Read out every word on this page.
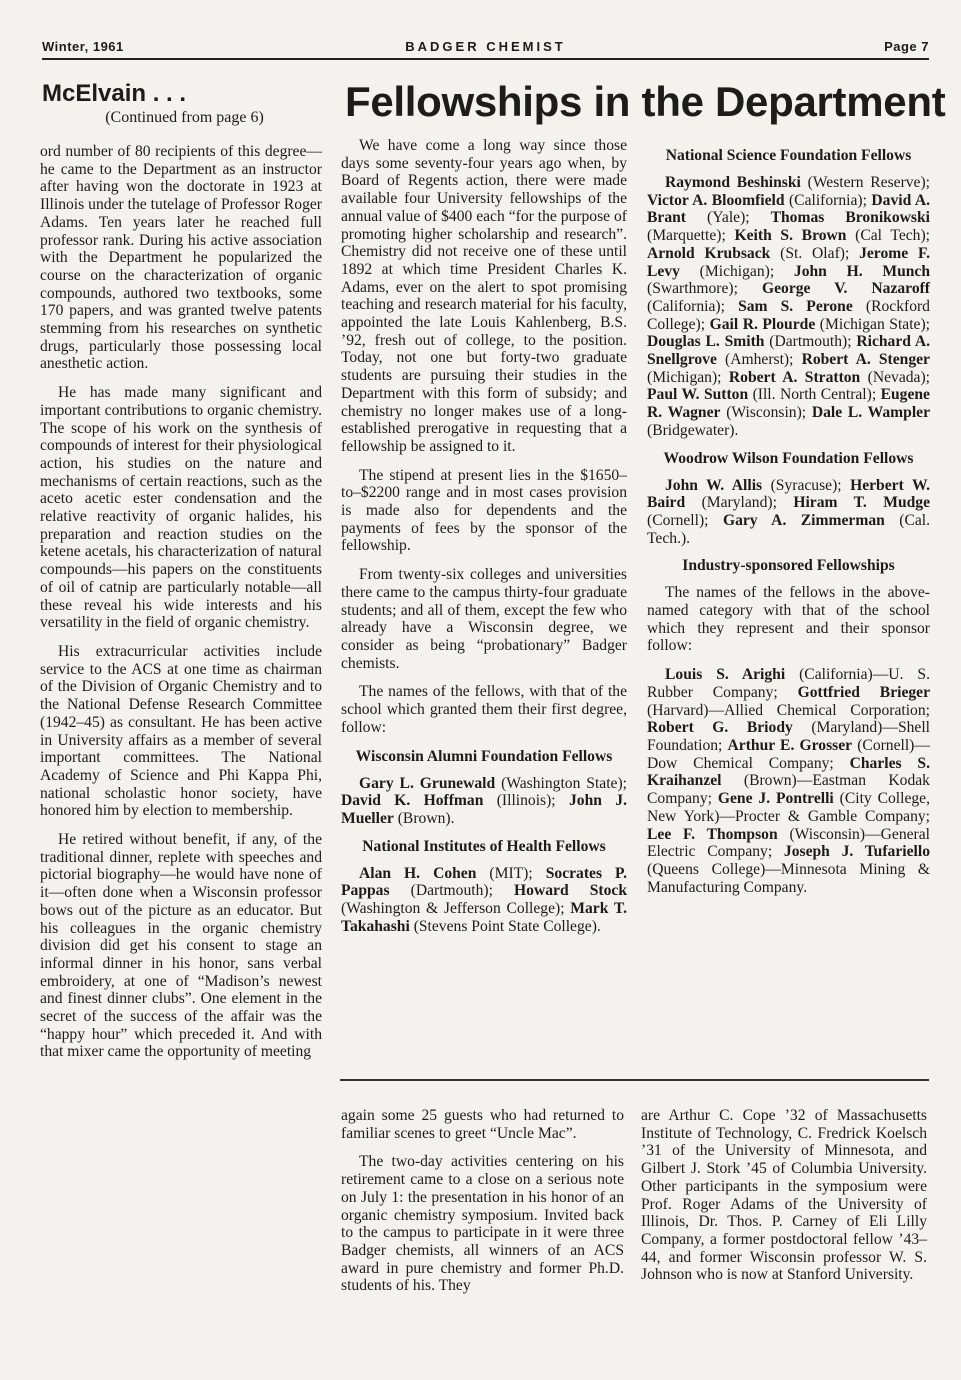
Winter, 1961	BADGER CHEMIST	Page 7
McElvain . . .
(Continued from page 6)	Fellowships in the Department

ord number of 80 recipients of this degree—he came to the Department as an instructor after having won the doctorate in 1923 at Illinois under the tutelage of Professor Roger Adams. Ten years later he reached full professor rank. During his active association with the Department he popularized the course on the characterization of organic compounds, authored two textbooks, some 170 papers, and was granted twelve patents stemming from his researches on synthetic drugs, particularly those possessing local anesthetic action.

He has made many significant and important contributions to organic chemistry. The scope of his work on the synthesis of compounds of interest for their physiological action, his studies on the nature and mechanisms of certain reactions, such as the aceto acetic ester condensation and the relative reactivity of organic halides, his preparation and reaction studies on the ketene acetals, his characterization of natural compounds—his papers on the constituents of oil of catnip are particularly notable—all these reveal his wide interests and his versatility in the field of organic chemistry.

His extracurricular activities include service to the ACS at one time as chairman of the Division of Organic Chemistry and to the National Defense Research Committee (1942–45) as consultant. He has been active in University affairs as a member of several important committees. The National Academy of Science and Phi Kappa Phi, national scholastic honor society, have honored him by election to membership.

He retired without benefit, if any, of the traditional dinner, replete with speeches and pictorial biography—he would have none of it—often done when a Wisconsin professor bows out of the picture as an educator. But his colleagues in the organic chemistry division did get his consent to stage an informal dinner in his honor, sans verbal embroidery, at one of “Madison’s newest and finest dinner clubs”. One element in the secret of the success of the affair was the “happy hour” which preceded it. And with that mixer came the opportunity of meeting

We have come a long way since those days some seventy-four years ago when, by Board of Regents action, there were made available four University fellowships of the annual value of $400 each “for the purpose of promoting higher scholarship and research”. Chemistry did not receive one of these until 1892 at which time President Charles K. Adams, ever on the alert to spot promising teaching and research material for his faculty, appointed the late Louis Kahlenberg, B.S. ’92, fresh out of college, to the position. Today, not one but forty-two graduate students are pursuing their studies in the Department with this form of subsidy; and chemistry no longer makes use of a long-established prerogative in requesting that a fellowship be assigned to it.

The stipend at present lies in the $1650–to–$2200 range and in most cases provision is made also for dependents and the payments of fees by the sponsor of the fellowship.

From twenty-six colleges and universities there came to the campus thirty-four graduate students; and all of them, except the few who already have a Wisconsin degree, we consider as being “probationary” Badger chemists.

The names of the fellows, with that of the school which granted them their first degree, follow:

Wisconsin Alumni Foundation Fellows
Gary L. Grunewald (Washington State); David K. Hoffman (Illinois); John J. Mueller (Brown).
National Institutes of Health Fellows
Alan H. Cohen (MIT); Socrates P. Pappas (Dartmouth); Howard Stock (Washington & Jefferson College); Mark T. Takahashi (Stevens Point State College).
National Science Foundation Fellows
Raymond Beshinski (Western Reserve); Victor A. Bloomfield (California); David A. Brant (Yale); Thomas Bronikowski (Marquette); Keith S. Brown (Cal Tech); Arnold Krubsack (St. Olaf); Jerome F. Levy (Michigan); John H. Munch (Swarthmore); George V. Nazaroff (California); Sam S. Perone (Rockford College); Gail R. Plourde (Michigan State); Douglas L. Smith (Dartmouth); Richard A. Snellgrove (Amherst); Robert A. Stenger (Michigan); Robert A. Stratton (Nevada); Paul W. Sutton (Ill. North Central); Eugene R. Wagner (Wisconsin); Dale L. Wampler (Bridgewater).
Woodrow Wilson Foundation Fellows
John W. Allis (Syracuse); Herbert W. Baird (Maryland); Hiram T. Mudge (Cornell); Gary A. Zimmerman (Cal. Tech.).
Industry-sponsored Fellowships

The names of the fellows in the above-named category with that of the school which they represent and their sponsor follow:

Louis S. Arighi (California)—U. S. Rubber Company; Gottfried Brieger (Harvard)—Allied Chemical Corporation; Robert G. Briody (Maryland)—Shell Foundation; Arthur E. Grosser (Cornell)—Dow Chemical Company; Charles S. Kraihanzel (Brown)—Eastman Kodak Company; Gene J. Pontrelli (City College, New York)—Procter & Gamble Company; Lee F. Thompson (Wisconsin)—General Electric Company; Joseph J. Tufariello (Queens College)—Minnesota Mining & Manufacturing Company.

again some 25 guests who had returned to familiar scenes to greet “Uncle Mac”.

The two-day activities centering on his retirement came to a close on a serious note on July 1: the presentation in his honor of an organic chemistry symposium. Invited back to the campus to participate in it were three Badger chemists, all winners of an ACS award in pure chemistry and former Ph.D. students of his. They

are Arthur C. Cope ’32 of Massachusetts Institute of Technology, C. Fredrick Koelsch ’31 of the University of Minnesota, and Gilbert J. Stork ’45 of Columbia University. Other participants in the symposium were Prof. Roger Adams of the University of Illinois, Dr. Thos. P. Carney of Eli Lilly Company, a former postdoctoral fellow ’43–44, and former Wisconsin professor W. S. Johnson who is now at Stanford University.
